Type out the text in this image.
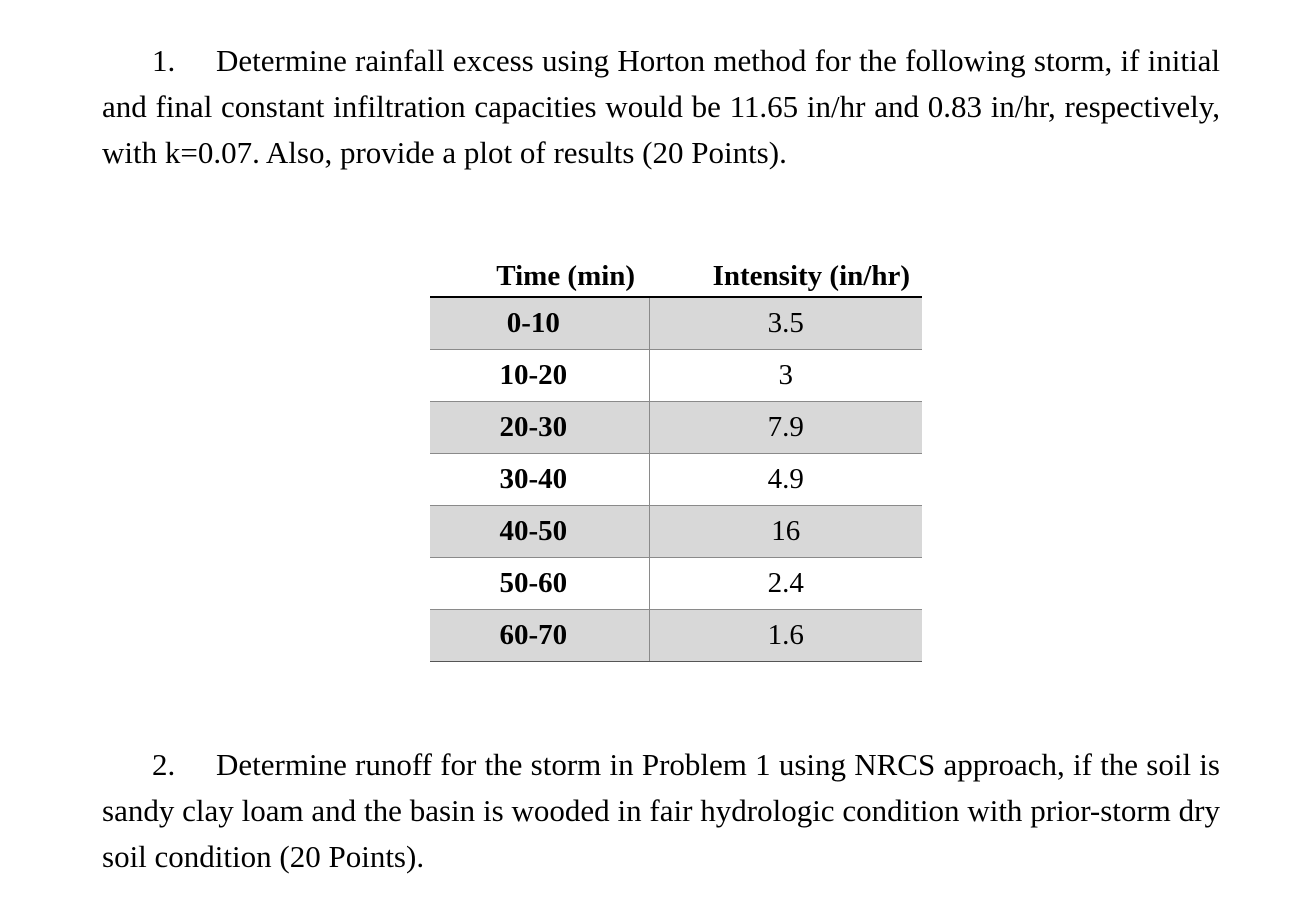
1. Determine rainfall excess using Horton method for the following storm, if initial and final constant infiltration capacities would be 11.65 in/hr and 0.83 in/hr, respectively, with k=0.07. Also, provide a plot of results (20 Points).

Time (min)	Intensity (in/hr)
0-10	3.5
10-20	3
20-30	7.9
30-40	4.9
40-50	16
50-60	2.4
60-70	1.6

2. Determine runoff for the storm in Problem 1 using NRCS approach, if the soil is sandy clay loam and the basin is wooded in fair hydrologic condition with prior-storm dry soil condition (20 Points).
